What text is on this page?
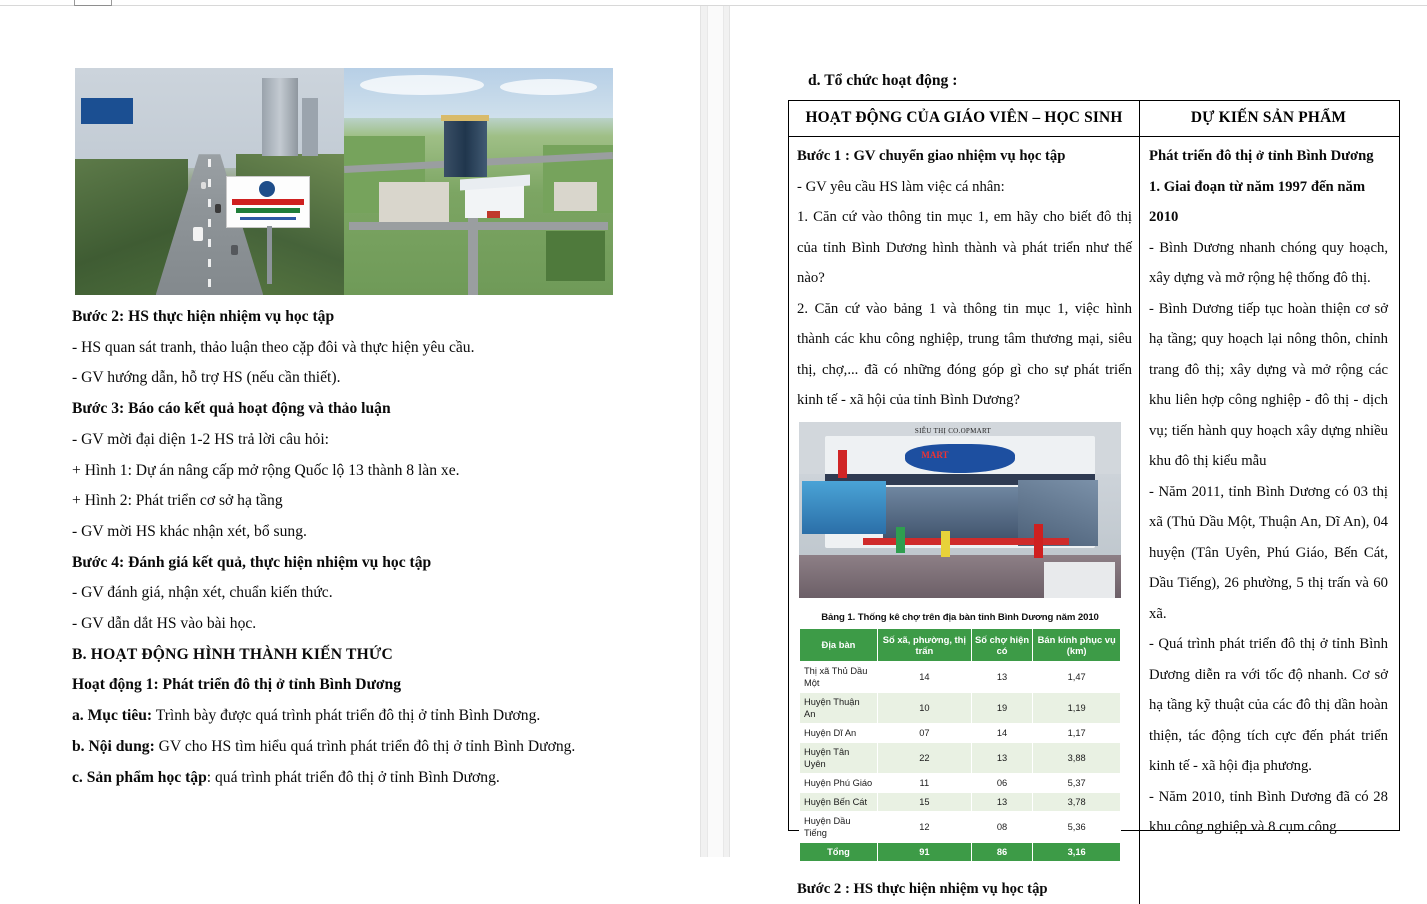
Bước 2: HS thực hiện nhiệm vụ học tập

- HS quan sát tranh, thảo luận theo cặp đôi và thực hiện yêu cầu.

- GV hướng dẫn, hỗ trợ HS (nếu cần thiết).

Bước 3: Báo cáo kết quả hoạt động và thảo luận

- GV mời đại diện 1-2 HS trả lời câu hỏi:

+ Hình 1: Dự án nâng cấp mở rộng Quốc lộ 13 thành 8 làn xe.

+ Hình 2: Phát triển cơ sở hạ tầng

- GV mời HS khác nhận xét, bổ sung.

Bước 4: Đánh giá kết quả, thực hiện nhiệm vụ học tập

- GV đánh giá, nhận xét, chuẩn kiến thức.

- GV dẫn dắt HS vào bài học.

B. HOẠT ĐỘNG HÌNH THÀNH KIẾN THỨC

Hoạt động 1: Phát triển đô thị ở tỉnh Bình Dương

a. Mục tiêu: Trình bày được quá trình phát triển đô thị ở tỉnh Bình Dương.

b. Nội dung: GV cho HS tìm hiểu quá trình phát triển đô thị ở tỉnh Bình Dương.

c. Sản phẩm học tập: quá trình phát triển đô thị ở tỉnh Bình Dương.

d. Tổ chức hoạt động :
HOẠT ĐỘNG CỦA GIÁO VIÊN – HỌC SINH	DỰ KIẾN SẢN PHẨM

Bước 1 : GV chuyển giao nhiệm vụ học tập

- GV yêu cầu HS làm việc cá nhân:

1. Căn cứ vào thông tin mục 1, em hãy cho biết đô thị của tỉnh Bình Dương hình thành và phát triển như thế nào?

2. Căn cứ vào bảng 1 và thông tin mục 1, việc hình thành các khu công nghiệp, trung tâm thương mại, siêu thị, chợ,... đã có những đóng góp gì cho sự phát triển kinh tế - xã hội của tỉnh Bình Dương?

SIÊU THỊ CO.OPMART
MART
Bảng 1. Thống kê chợ trên địa bàn tỉnh Bình Dương năm 2010
Địa bàn	Số xã, phường, thị trấn	Số chợ hiện có	Bán kính phục vụ (km)
Thị xã Thủ Dầu Một	14	13	1,47
Huyện Thuận An	10	19	1,19
Huyện Dĩ An	07	14	1,17
Huyện Tân Uyên	22	13	3,88
Huyện Phú Giáo	11	06	5,37
Huyện Bến Cát	15	13	3,78
Huyện Dầu Tiếng	12	08	5,36
Tổng	91	86	3,16

Bước 2 : HS thực hiện nhiệm vụ học tập

Phát triển đô thị ở tỉnh Bình Dương

1. Giai đoạn từ năm 1997 đến năm 2010

- Bình Dương nhanh chóng quy hoạch, xây dựng và mở rộng hệ thống đô thị.

- Bình Dương tiếp tục hoàn thiện cơ sở hạ tầng; quy hoạch lại nông thôn, chỉnh trang đô thị; xây dựng và mở rộng các khu liên hợp công nghiệp - đô thị - dịch vụ; tiến hành quy hoạch xây dựng nhiều khu đô thị kiểu mẫu

- Năm 2011, tỉnh Bình Dương có 03 thị xã (Thủ Dầu Một, Thuận An, Dĩ An), 04 huyện (Tân Uyên, Phú Giáo, Bến Cát, Dầu Tiếng), 26 phường, 5 thị trấn và 60 xã.

- Quá trình phát triển đô thị ở tỉnh Bình Dương diễn ra với tốc độ nhanh. Cơ sở hạ tầng kỹ thuật của các đô thị dần hoàn thiện, tác động tích cực đến phát triển kinh tế - xã hội địa phương.

- Năm 2010, tỉnh Bình Dương đã có 28 khu công nghiệp và 8 cụm công
